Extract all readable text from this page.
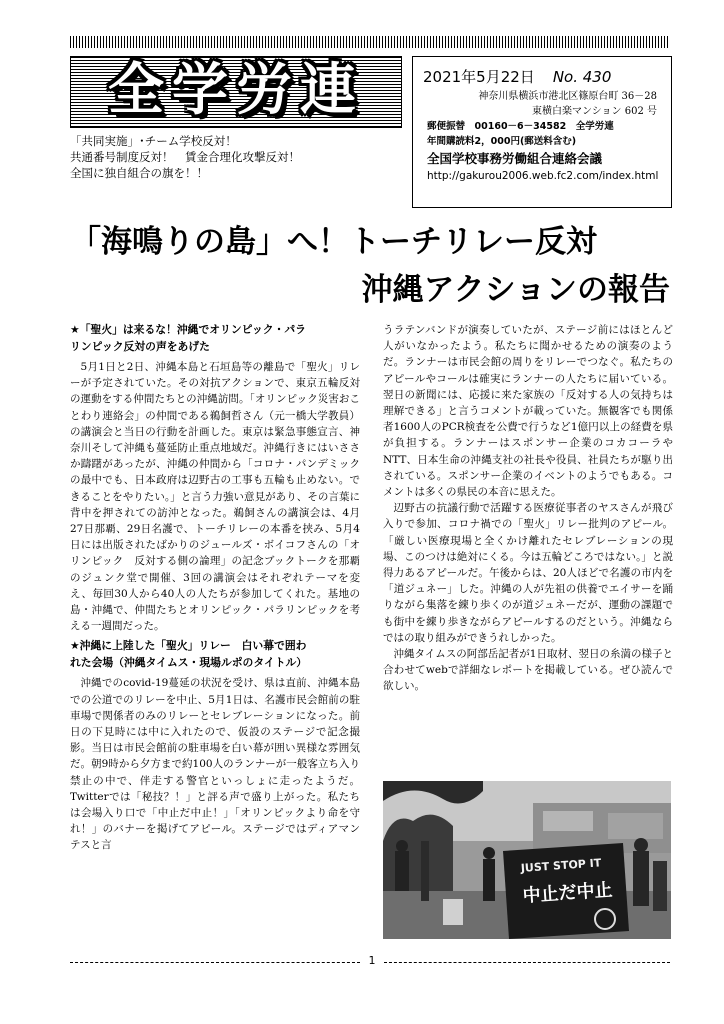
全学労連
「共同実施」･チーム学校反対！
共通番号制度反対！　賃金合理化攻撃反対！
全国に独自組合の旗を！！
2021年5月22日 No. 430
神奈川県横浜市港北区篠原台町 36－28
東横白楽マンション 602 号
郵便振替　00160－6－34582　全学労連
年間購読料2，000円(郵送料含む)
全国学校事務労働組合連絡会議
http://gakurou2006.web.fc2.com/index.html
「海鳴りの島」へ！トーチリレー反対
沖縄アクションの報告
★「聖火」は来るな！沖縄でオリンピック・パラ
リンピック反対の声をあげた
5月1日と2日、沖縄本島と石垣島等の離島で「聖火」リレーが予定されていた。その対抗アクションで、東京五輪反対の運動をする仲間たちとの沖縄訪問。「オリンピック災害おことわり連絡会」の仲間である鵜飼哲さん（元一橋大学教員）の講演会と当日の行動を計画した。東京は緊急事態宣言、神奈川そして沖縄も蔓延防止重点地域だ。沖縄行きにはいささか躊躇があったが、沖縄の仲間から「コロナ・パンデミックの最中でも、日本政府は辺野古の工事も五輪も止めない。できることをやりたい。」と言う力強い意見があり、その言葉に背中を押されての訪沖となった。鵜飼さんの講演会は、4月27日那覇、29日名護で、トーチリレーの本番を挟み、5月4日には出版されたばかりのジュールズ・ボイコフさんの「オリンピック　反対する側の論理」の記念ブックトークを那覇のジュンク堂で開催、3回の講演会はそれぞれテーマを変え、毎回30人から40人の人たちが参加してくれた。基地の島・沖縄で、仲間たちとオリンピック・パラリンピックを考える一週間だった。
★沖縄に上陸した「聖火」リレー　白い幕で囲わ
れた会場（沖縄タイムス・現場ルポのタイトル）
沖縄でのcovid-19蔓延の状況を受け、県は直前、沖縄本島での公道でのリレーを中止、5月1日は、名護市民会館前の駐車場で関係者のみのリレーとセレブレーションになった。前日の下見時には中に入れたので、仮設のステージで記念撮影。当日は市民会館前の駐車場を白い幕が囲い異様な雰囲気だ。朝9時から夕方まで約100人のランナーが一般客立ち入り禁止の中で、伴走する警官といっしょに走ったようだ。Twitterでは「秘技？！」と評る声で盛り上がった。私たちは会場入り口で「中止だ中止！」「オリンピックより命を守れ！」のバナーを掲げてアピール。ステージではディアマンテスと言
うラテンバンドが演奏していたが、ステージ前にはほとんど人がいなかったよう。私たちに聞かせるための演奏のようだ。ランナーは市民会館の周りをリレーでつなぐ。私たちのアピールやコールは確実にランナーの人たちに届いている。翌日の新聞には、応援に来た家族の「反対する人の気持ちは理解できる」と言うコメントが載っていた。無観客でも関係者1600人のPCR検査を公費で行うなど1億円以上の経費を県が負担する。ランナーはスポンサー企業のコカコーラやNTT、日本生命の沖縄支社の社長や役員、社員たちが駆り出されている。スポンサー企業のイベントのようでもある。コメントは多くの県民の本音に思えた。
辺野古の抗議行動で活躍する医療従事者のヤスさんが飛び入りで参加、コロナ禍での「聖火」リレー批判のアピール。「厳しい医療現場と全くかけ離れたセレブレーションの現場、このつけは絶対にくる。今は五輪どころではない。」と説得力あるアピールだ。午後からは、20人ほどで名護の市内を「道ジュネー」した。沖縄の人が先祖の供養でエイサーを踊りながら集落を練り歩くのが道ジュネーだが、運動の課題でも街中を練り歩きながらアピールするのだという。沖縄ならではの取り組みができうれしかった。
沖縄タイムスの阿部岳記者が1日取材、翌日の糸満の様子と合わせてwebで詳細なレポートを掲載している。ぜひ読んで欲しい。
JUST STOP IT
中止だ中止
1
